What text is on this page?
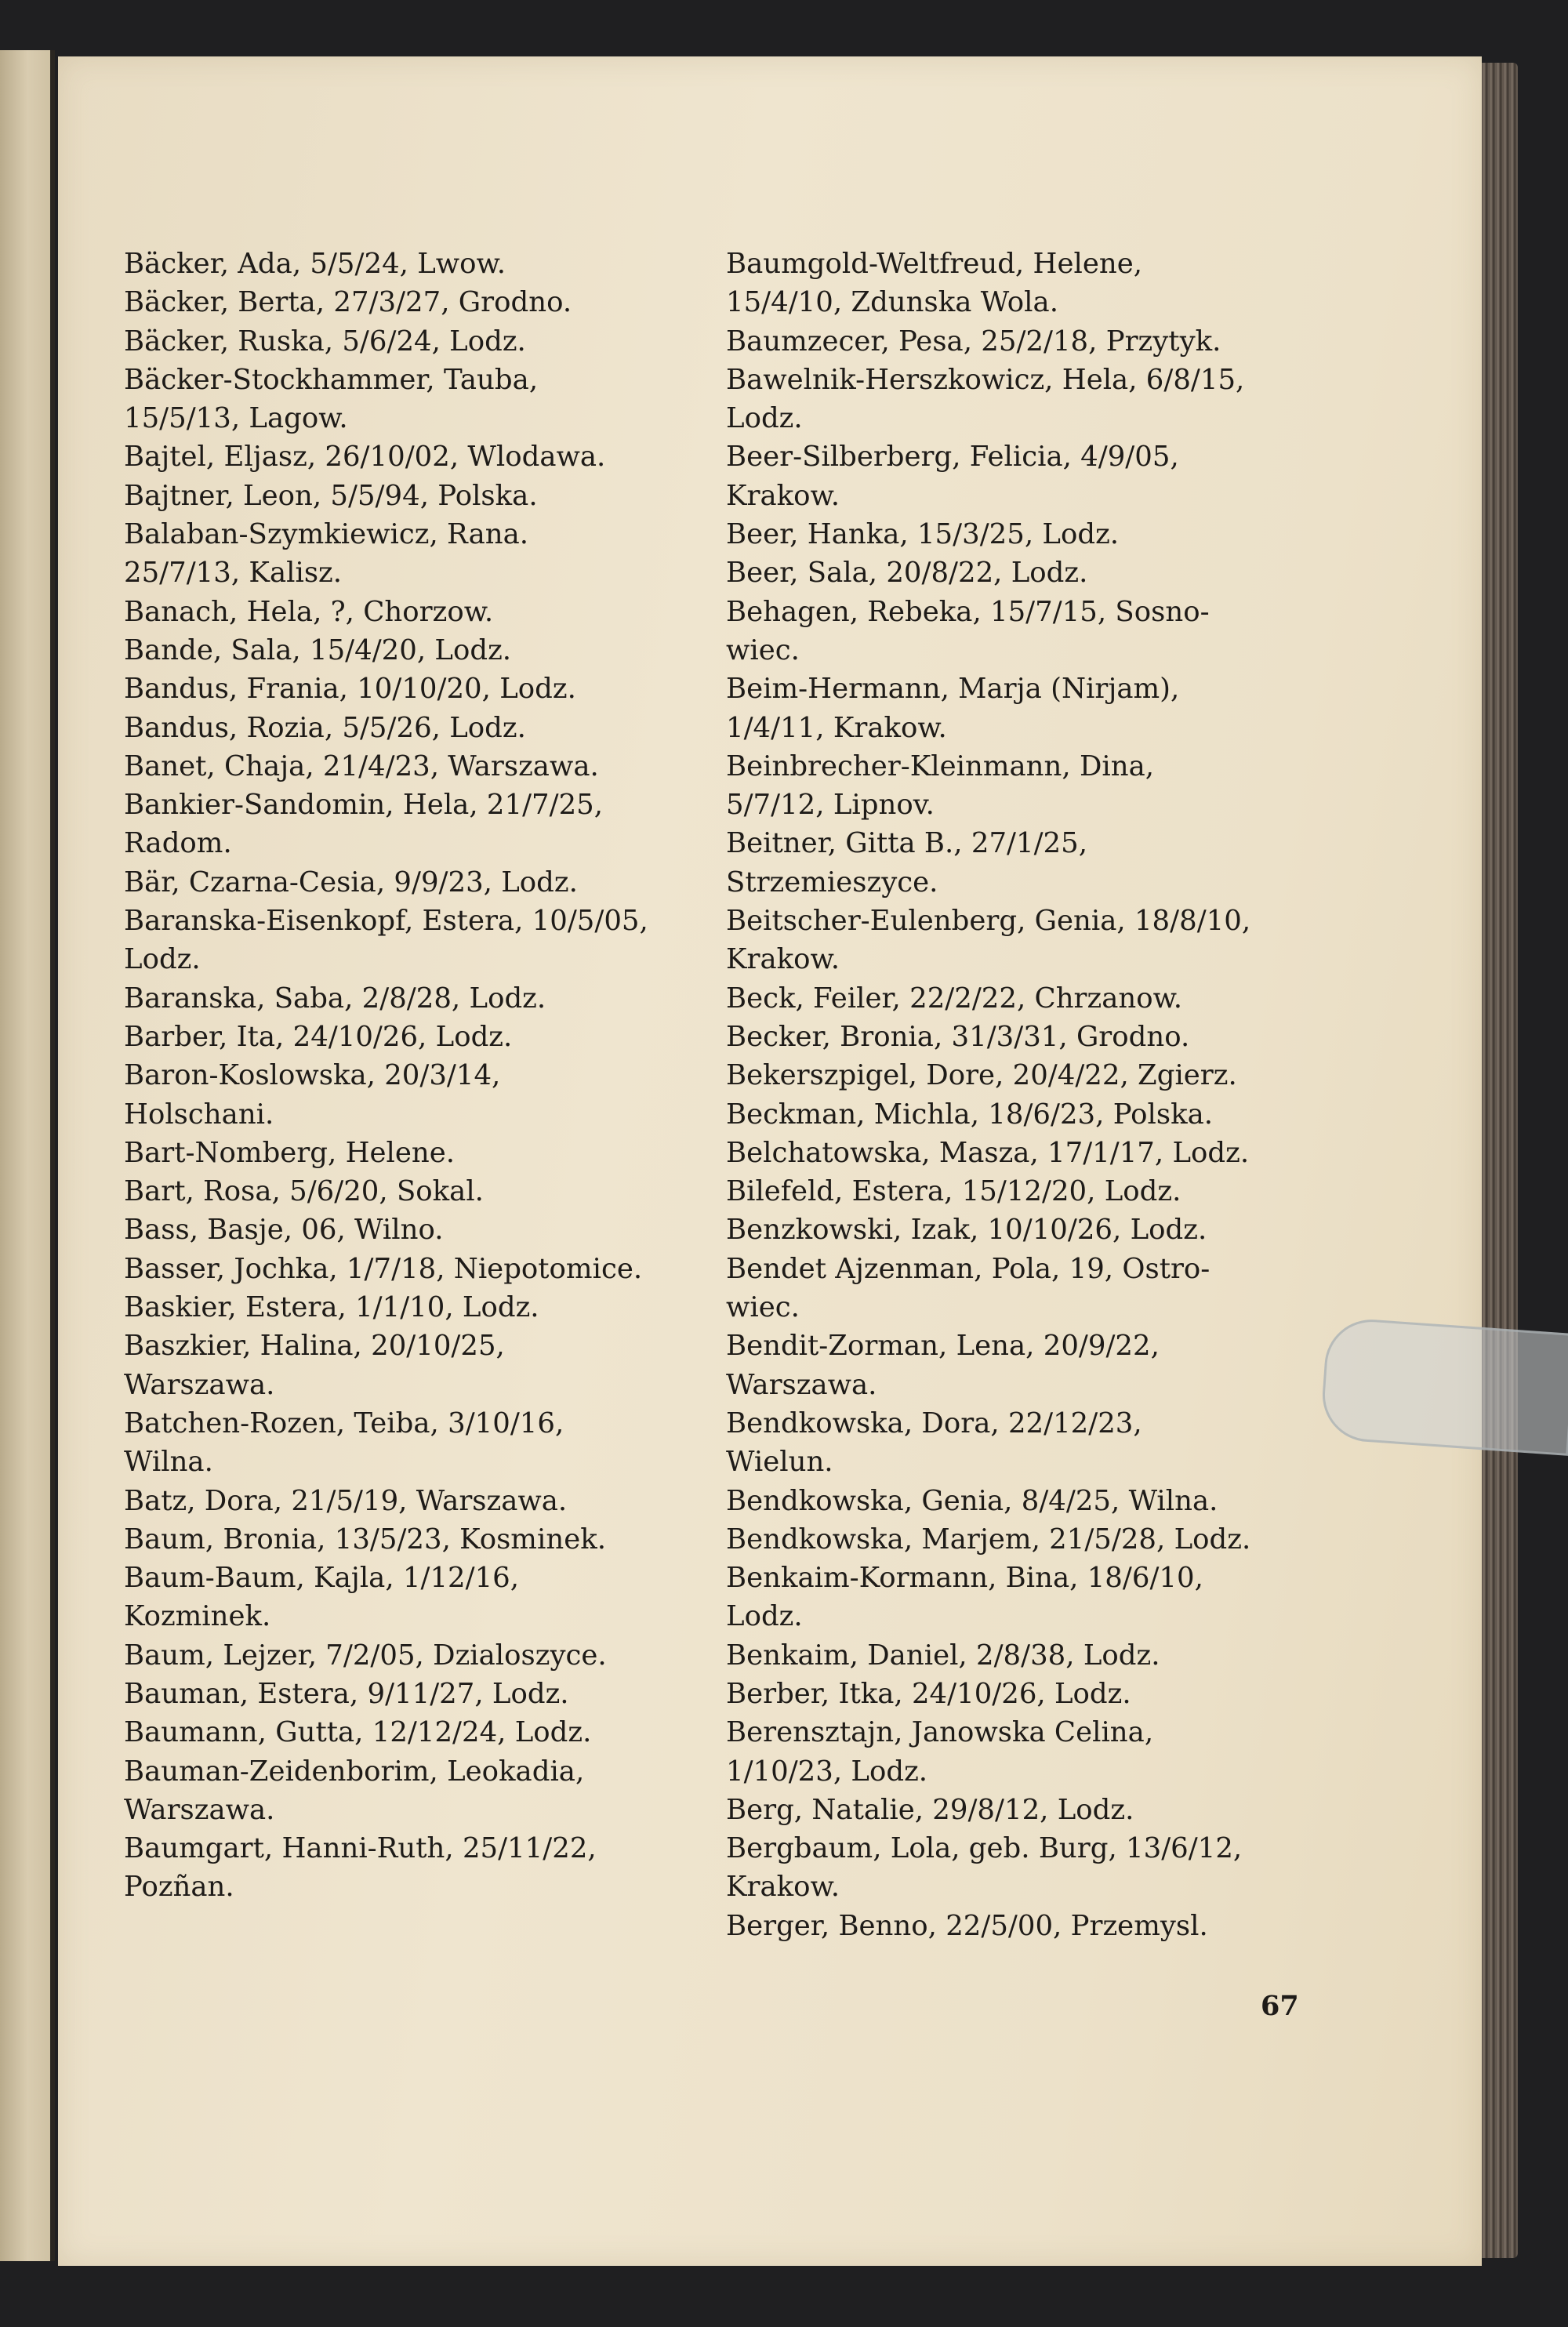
Bäcker, Ada, 5/5/24, Lwow.

Bäcker, Berta, 27/3/27, Grodno.

Bäcker, Ruska, 5/6/24, Lodz.

Bäcker-Stockhammer, Tauba,
15/5/13, Lagow.

Bajtel, Eljasz, 26/10/02, Wlodawa.

Bajtner, Leon, 5/5/94, Polska.

Balaban-Szymkiewicz, Rana.
25/7/13, Kalisz.

Banach, Hela, ?, Chorzow.

Bande, Sala, 15/4/20, Lodz.

Bandus, Frania, 10/10/20, Lodz.

Bandus, Rozia, 5/5/26, Lodz.

Banet, Chaja, 21/4/23, Warszawa.

Bankier-Sandomin, Hela, 21/7/25,
Radom.

Bär, Czarna-Cesia, 9/9/23, Lodz.

Baranska-Eisenkopf, Estera, 10/5/05,
Lodz.

Baranska, Saba, 2/8/28, Lodz.

Barber, Ita, 24/10/26, Lodz.

Baron-Koslowska, 20/3/14,
Holschani.

Bart-Nomberg, Helene.

Bart, Rosa, 5/6/20, Sokal.

Bass, Basje, 06, Wilno.

Basser, Jochka, 1/7/18, Niepotomice.

Baskier, Estera, 1/1/10, Lodz.

Baszkier, Halina, 20/10/25,
Warszawa.

Batchen-Rozen, Teiba, 3/10/16,
Wilna.

Batz, Dora, 21/5/19, Warszawa.

Baum, Bronia, 13/5/23, Kosminek.

Baum-Baum, Kajla, 1/12/16,
Kozminek.

Baum, Lejzer, 7/2/05, Dzialoszyce.

Bauman, Estera, 9/11/27, Lodz.

Baumann, Gutta, 12/12/24, Lodz.

Bauman-Zeidenborim, Leokadia,
Warszawa.

Baumgart, Hanni-Ruth, 25/11/22,
Pozñan.

Baumgold-Weltfreud, Helene,
15/4/10, Zdunska Wola.

Baumzecer, Pesa, 25/2/18, Przytyk.

Bawelnik-Herszkowicz, Hela, 6/8/15,
Lodz.

Beer-Silberberg, Felicia, 4/9/05,
Krakow.

Beer, Hanka, 15/3/25, Lodz.

Beer, Sala, 20/8/22, Lodz.

Behagen, Rebeka, 15/7/15, Sosno-
wiec.

Beim-Hermann, Marja (Nirjam),
1/4/11, Krakow.

Beinbrecher-Kleinmann, Dina,
5/7/12, Lipnov.

Beitner, Gitta B., 27/1/25,
Strzemieszyce.

Beitscher-Eulenberg, Genia, 18/8/10,
Krakow.

Beck, Feiler, 22/2/22, Chrzanow.

Becker, Bronia, 31/3/31, Grodno.

Bekerszpigel, Dore, 20/4/22, Zgierz.

Beckman, Michla, 18/6/23, Polska.

Belchatowska, Masza, 17/1/17, Lodz.

Bilefeld, Estera, 15/12/20, Lodz.

Benzkowski, Izak, 10/10/26, Lodz.

Bendet Ajzenman, Pola, 19, Ostro-
wiec.

Bendit-Zorman, Lena, 20/9/22,
Warszawa.

Bendkowska, Dora, 22/12/23,
Wielun.

Bendkowska, Genia, 8/4/25, Wilna.

Bendkowska, Marjem, 21/5/28, Lodz.

Benkaim-Kormann, Bina, 18/6/10,
Lodz.

Benkaim, Daniel, 2/8/38, Lodz.

Berber, Itka, 24/10/26, Lodz.

Berensztajn, Janowska Celina,
1/10/23, Lodz.

Berg, Natalie, 29/8/12, Lodz.

Bergbaum, Lola, geb. Burg, 13/6/12,
Krakow.

Berger, Benno, 22/5/00, Przemysl.

67
